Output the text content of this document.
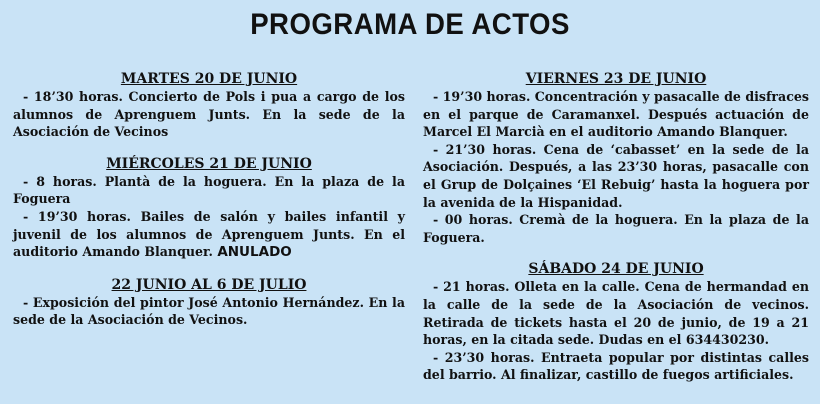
PROGRAMA DE ACTOS
MARTES 20 DE JUNIO
- 18’30 horas. Concierto de Pols i pua a cargo de los alumnos de Aprenguem Junts. En la sede de la Asociación de Vecinos
MIÉRCOLES 21 DE JUNIO
- 8 horas. Plantà de la hoguera. En la plaza de la Foguera
- 19’30 horas. Bailes de salón y bailes infantil y juvenil de los alumnos de Aprenguem Junts. En el auditorio Amando Blanquer. ANULADO
22 JUNIO AL 6 DE JULIO
- Exposición del pintor José Antonio Hernández. En la sede de la Asociación de Vecinos.
VIERNES 23 DE JUNIO
- 19’30 horas. Concentración y pasacalle de disfraces en el parque de Caramanxel. Después actuación de Marcel El Marcià en el auditorio Amando Blanquer.
- 21’30 horas. Cena de ‘cabasset’ en la sede de la Asociación. Después, a las 23’30 horas, pasacalle con el Grup de Dolçaines ‘El Rebuig’ hasta la hoguera por la avenida de la Hispanidad.
- 00 horas. Cremà de la hoguera. En la plaza de la Foguera.
SÁBADO 24 DE JUNIO
- 21 horas. Olleta en la calle. Cena de hermandad en la calle de la sede de la Asociación de vecinos. Retirada de tickets hasta el 20 de junio, de 19 a 21 horas, en la citada sede. Dudas en el 634430230.
- 23’30 horas. Entraeta popular por distintas calles del barrio. Al finalizar, castillo de fuegos artificiales.
